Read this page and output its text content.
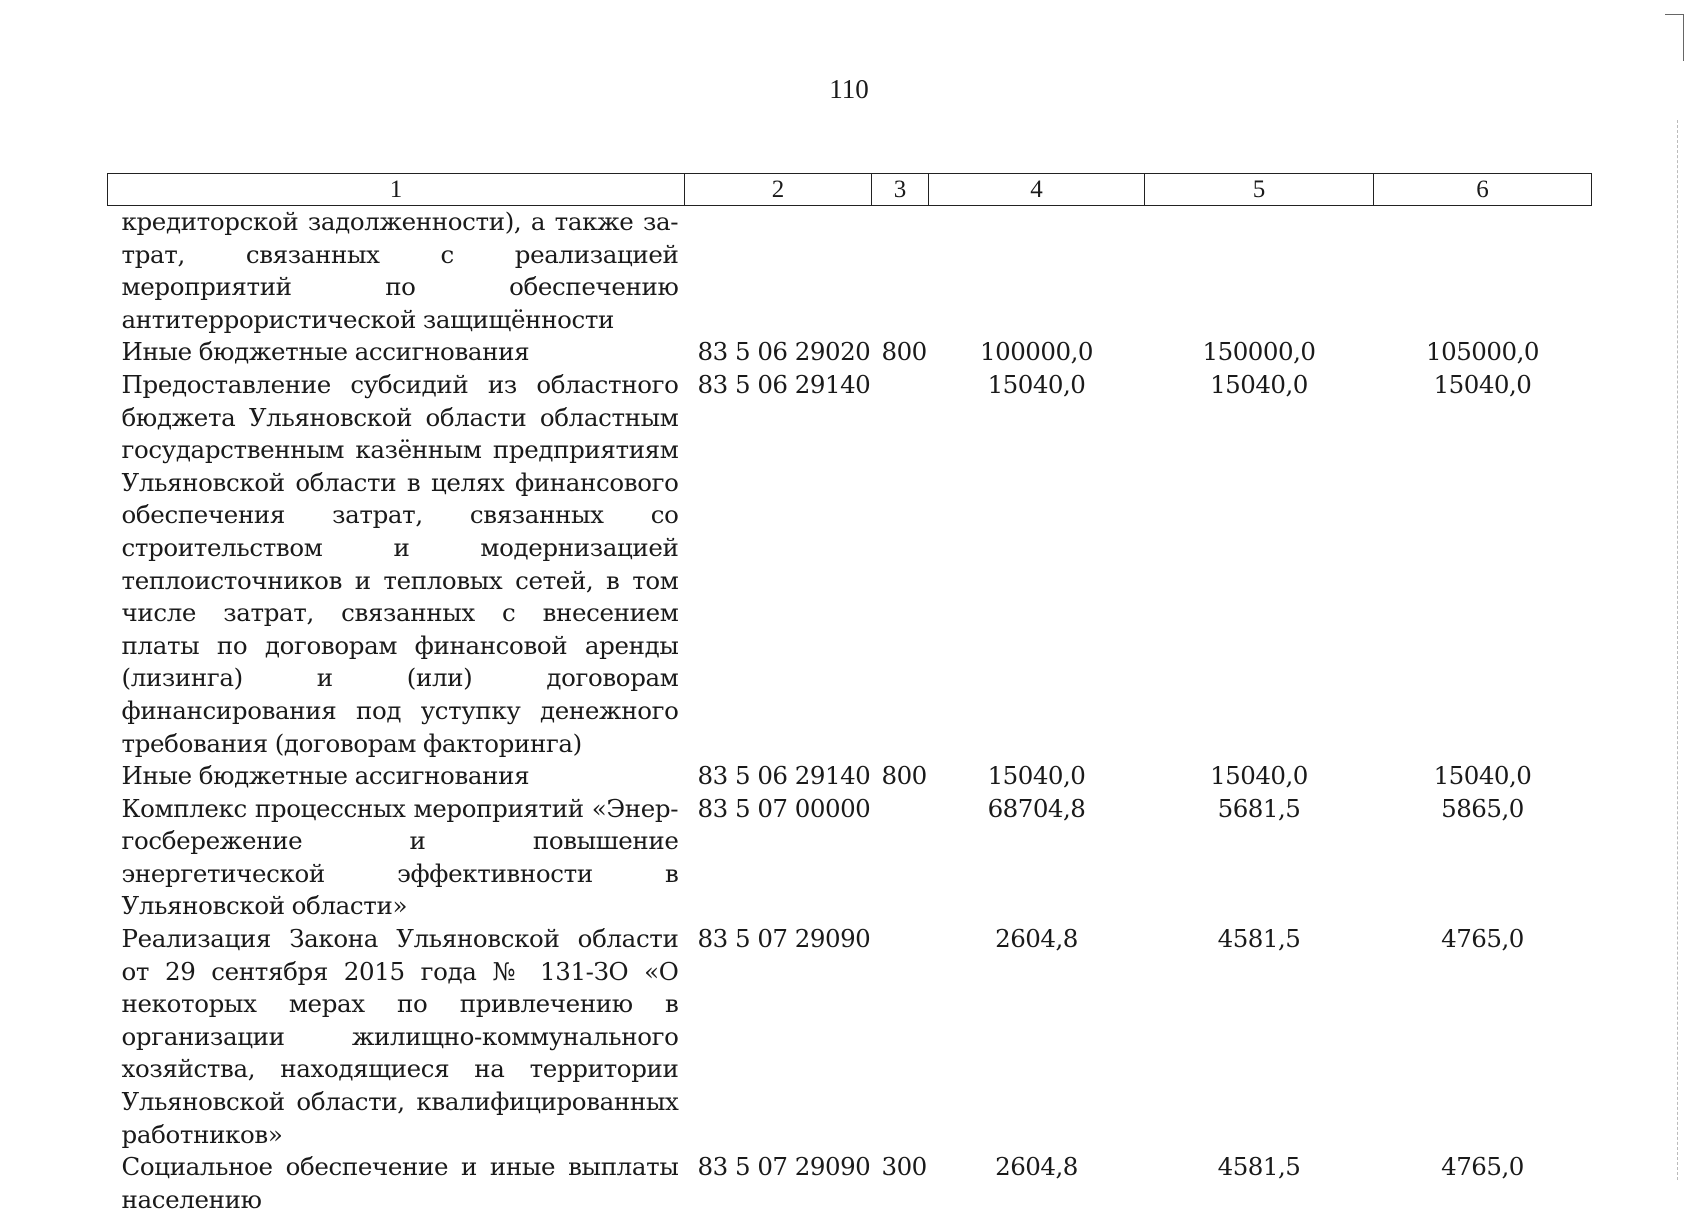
110
1	2	3	4	5	6
кредиторской задолженности), а также затрат, связанных с реализацией мероприятий по обеспечению антитеррористической защищённости					
Иные бюджетные ассигнования	83 5 06 29020	800	100000,0	150000,0	105000,0
Предоставление субсидий из областного бюджета Ульяновской области областным государственным казённым предприятиям Ульяновской области в целях финансового обеспечения затрат, связанных со строительством и модернизацией теплоисточников и тепловых сетей, в том числе затрат, связанных с внесением платы по договорам финансовой аренды (лизинга) и (или) договорам финансирования под уступку денежного требования (договорам факторинга)	83 5 06 29140		15040,0	15040,0	15040,0
Иные бюджетные ассигнования	83 5 06 29140	800	15040,0	15040,0	15040,0
Комплекс процессных мероприятий «Энергосбережение и повышение энергетической эффективности в Ульяновской области»	83 5 07 00000		68704,8	5681,5	5865,0
Реализация Закона Ульяновской области от 29 сентября 2015 года № 131-ЗО «О некоторых мерах по привлечению в организации жилищно-коммунального хозяйства, находящиеся на территории Ульяновской области, квалифицированных работников»	83 5 07 29090		2604,8	4581,5	4765,0
Социальное обеспечение и иные выплаты населению	83 5 07 29090	300	2604,8	4581,5	4765,0
